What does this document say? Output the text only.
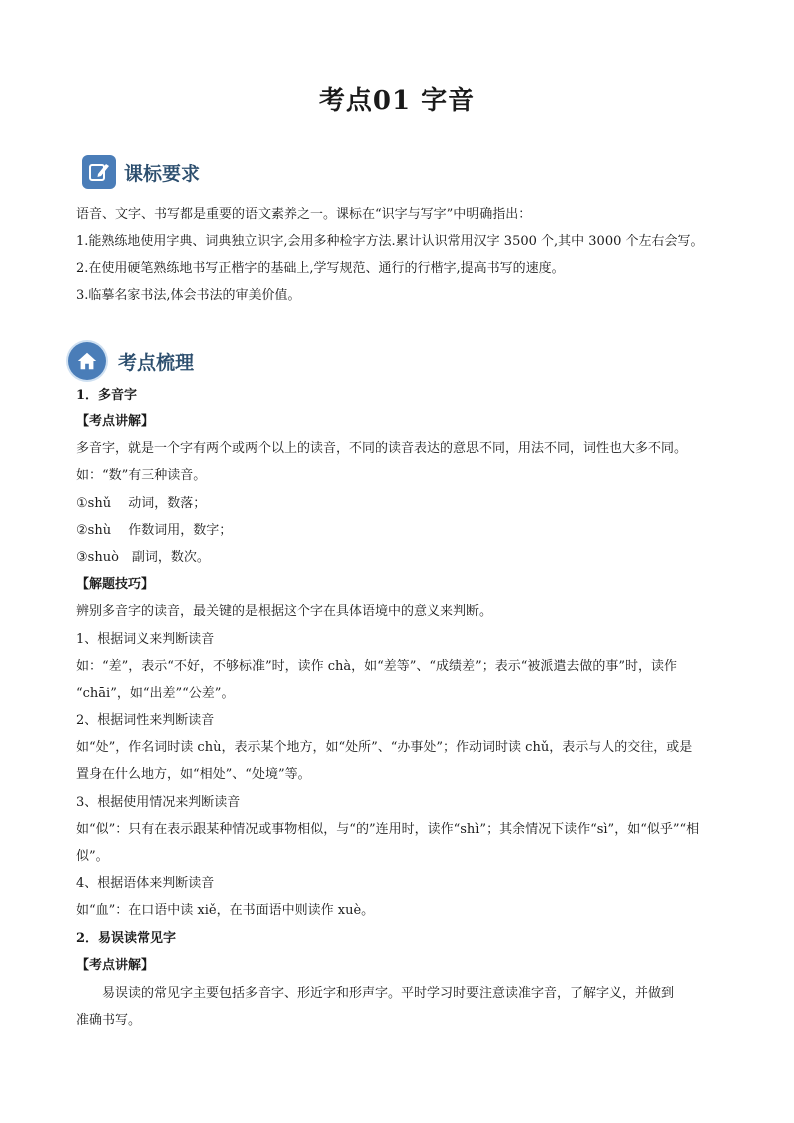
考点01 字音
课标要求
语音、文字、书写都是重要的语文素养之一。课标在“识字与写字”中明确指出：
1.能熟练地使用字典、词典独立识字,会用多种检字方法.累计认识常用汉字 3500 个,其中 3000 个左右会写。
2.在使用硬笔熟练地书写正楷字的基础上,学写规范、通行的行楷字,提高书写的速度。
3.临摹名家书法,体会书法的审美价值。
考点梳理
1．多音字
【考点讲解】
多音字，就是一个字有两个或两个以上的读音，不同的读音表达的意思不同，用法不同，词性也大多不同。
如：“数”有三种读音。
①shǔ　 动词，数落；
②shù　 作数词用，数字；
③shuò　副词，数次。
【解题技巧】
辨别多音字的读音，最关键的是根据这个字在具体语境中的意义来判断。
1、根据词义来判断读音
如：“差”，表示“不好，不够标准”时，读作 chà，如“差等”、“成绩差”；表示“被派遣去做的事”时，读作
“chāi”，如“出差”“公差”。
2、根据词性来判断读音
如“处”，作名词时读 chù，表示某个地方，如“处所”、“办事处”；作动词时读 chǔ，表示与人的交往，或是
置身在什么地方，如“相处”、“处境”等。
3、根据使用情况来判断读音
如“似”：只有在表示跟某种情况或事物相似，与“的”连用时，读作“shì”；其余情况下读作“sì”，如“似乎”“相
似”。
4、根据语体来判断读音
如“血”：在口语中读 xiě，在书面语中则读作 xuè。
2．易误读常见字
【考点讲解】
　　易误读的常见字主要包括多音字、形近字和形声字。平时学习时要注意读准字音，了解字义，并做到
准确书写。
